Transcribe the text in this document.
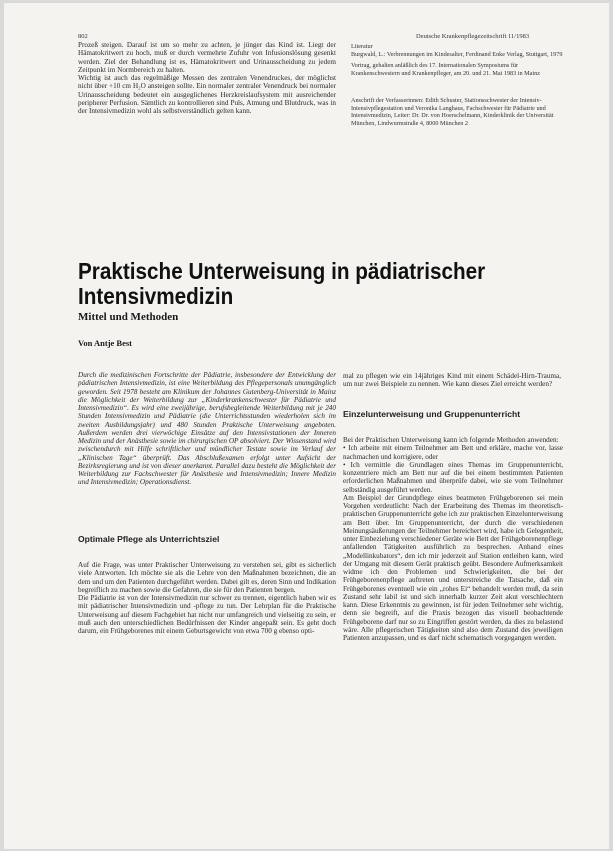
802	Deutsche Krankenpflegezeitschrift 11/1983

Prozeß steigen. Darauf ist um so mehr zu achten, je jünger das Kind ist. Liegt der Hämatokritwert zu hoch, muß er durch vermehrte Zufuhr von Infusionslösung gesenkt werden. Ziel der Behandlung ist es, Hämatokritwert und Urinausscheidung zu jedem Zeitpunkt im Normbereich zu halten.

Wichtig ist auch das regelmäßige Messen des zentralen Venendruckes, der möglichst nicht über +10 cm H₂O ansteigen sollte. Ein normaler zentraler Venendruck bei normaler Urinausscheidung bedeutet ein ausgeglichenes Herzkreislaufsystem mit ausreichender peripherer Perfusion. Sämtlich zu kontrollieren sind Puls, Atmung und Blutdruck, was in der Intensivmedizin wohl als selbstverständlich gelten kann.

Literatur

Burgwald, L.: Verbrennungen im Kindesalter, Ferdinand Enke Verlag, Stuttgart, 1979

Vortrag, gehalten anläßlich des 17. Internationalen Symposiums für Krankenschwestern und Krankenpfleger, am 20. und 21. Mai 1983 in Mainz

Anschrift der Verfasserinnen: Edith Schuster, Stationsschwester der Intensiv-Intensivpflegestation und Veronika Langhaus, Fachschwester für Pädiatrie und Intensivmedizin, Leiter: Dr. Dr. von Hoerschelmann, Kinderklinik der Universität München, Lindwurmstraße 4, 8000 München 2

Praktische Unterweisung in pädiatrischer Intensivmedizin
Mittel und Methoden
Von Antje Best

Durch die medizinischen Fortschritte der Pädiatrie, insbesondere der Entwicklung der pädiatrischen Intensivmedizin, ist eine Weiterbildung des Pflegepersonals unumgänglich geworden. Seit 1978 besteht am Klinikum der Johannes Gutenberg-Universität in Mainz die Möglichkeit der Weiterbildung zur „Kinderkrankenschwester für Pädiatrie und Intensivmedizin“. Es wird eine zweijährige, berufsbegleitende Weiterbildung mit je 240 Stunden Intensivmedizin und Pädiatrie (die Unterrichtsstunden wiederholen sich im zweiten Ausbildungsjahr) und 480 Stunden Praktische Unterweisung angeboten. Außerdem werden drei vierwöchige Einsätze auf den Intensivstationen der Inneren Medizin und der Anästhesie sowie im chirurgischen OP absolviert. Der Wissenstand wird zwischendurch mit Hilfe schriftlicher und mündlicher Testate sowie im Verlauf der „Klinischen Tage“ überprüft. Das Abschlußexamen erfolgt unter Aufsicht der Bezirksregierung und ist von dieser anerkannt. Parallel dazu besteht die Möglichkeit der Weiterbildung zur Fachschwester für Anästhesie und Intensivmedizin; Innere Medizin und Intensivmedizin; Operationsdienst.

Optimale Pflege als Unterrichtsziel

Auf die Frage, was unter Praktischer Unterweisung zu verstehen sei, gibt es sicherlich viele Antworten. Ich möchte sie als die Lehre von den Maßnahmen bezeichnen, die an dem und um den Patienten durchgeführt werden. Dabei gilt es, deren Sinn und Indikation begreiflich zu machen sowie die Gefahren, die sie für den Patienten bergen.

Die Pädiatrie ist von der Intensivmedizin nur schwer zu trennen, eigentlich haben wir es mit pädiatrischer Intensivmedizin und -pflege zu tun. Der Lehrplan für die Praktische Unterweisung auf diesem Fachgebiet hat nicht nur umfangreich und vielseitig zu sein, er muß auch den unterschiedlichen Bedürfnissen der Kinder angepaßt sein. Es geht doch darum, ein Frühgeborenes mit einem Geburtsgewicht von etwa 700 g ebenso opti-

mal zu pflegen wie ein 14jähriges Kind mit einem Schädel-Hirn-Trauma, um nur zwei Beispiele zu nennen. Wie kann dieses Ziel erreicht werden?

Einzelunterweisung und Gruppenunterricht

Bei der Praktischen Unterweisung kann ich folgende Methoden anwenden:

• Ich arbeite mit einem Teilnehmer am Bett und erkläre, mache vor, lasse nachmachen und korrigiere, oder

• Ich vermittle die Grundlagen eines Themas im Gruppenunterricht, konzentriere mich am Bett nur auf die bei einem bestimmten Patienten erforderlichen Maßnahmen und überprüfe dabei, wie sie vom Teilnehmer selbständig ausgeführt werden.

Am Beispiel der Grundpflege eines beatmeten Frühgeborenen sei mein Vorgehen verdeutlicht: Nach der Erarbeitung des Themas im theoretisch-praktischen Gruppenunterricht gehe ich zur praktischen Einzelunterweisung am Bett über. Im Gruppenunterricht, der durch die verschiedenen Meinungsäußerungen der Teilnehmer bereichert wird, habe ich Gelegenheit, unter Einbeziehung verschiedener Geräte wie Bett der Frühgeborenenpflege anfallenden Tätigkeiten ausführlich zu besprechen. Anhand eines „Modellinkubators“, den ich mir jederzeit auf Station entleihen kann, wird der Umgang mit diesem Gerät praktisch geübt. Besondere Aufmerksamkeit widme ich den Problemen und Schwierigkeiten, die bei der Frühgeborenenpflege auftreten und unterstreiche die Tatsache, daß ein Frühgeborenes eventuell wie ein „rohes Ei“ behandelt werden muß, da sein Zustand sehr labil ist und sich innerhalb kurzer Zeit akut verschlechtern kann. Diese Erkenntnis zu gewinnen, ist für jeden Teilnehmer sehr wichtig, denn sie begreift, auf die Praxis bezogen das visuell beobachtende Frühgeborene darf nur so zu Eingriffen gestört werden, da dies zu belastend wäre. Alle pflegerischen Tätigkeiten sind also dem Zustand des jeweiligen Patienten anzupassen, und es darf nicht schematisch vorgegangen werden.
